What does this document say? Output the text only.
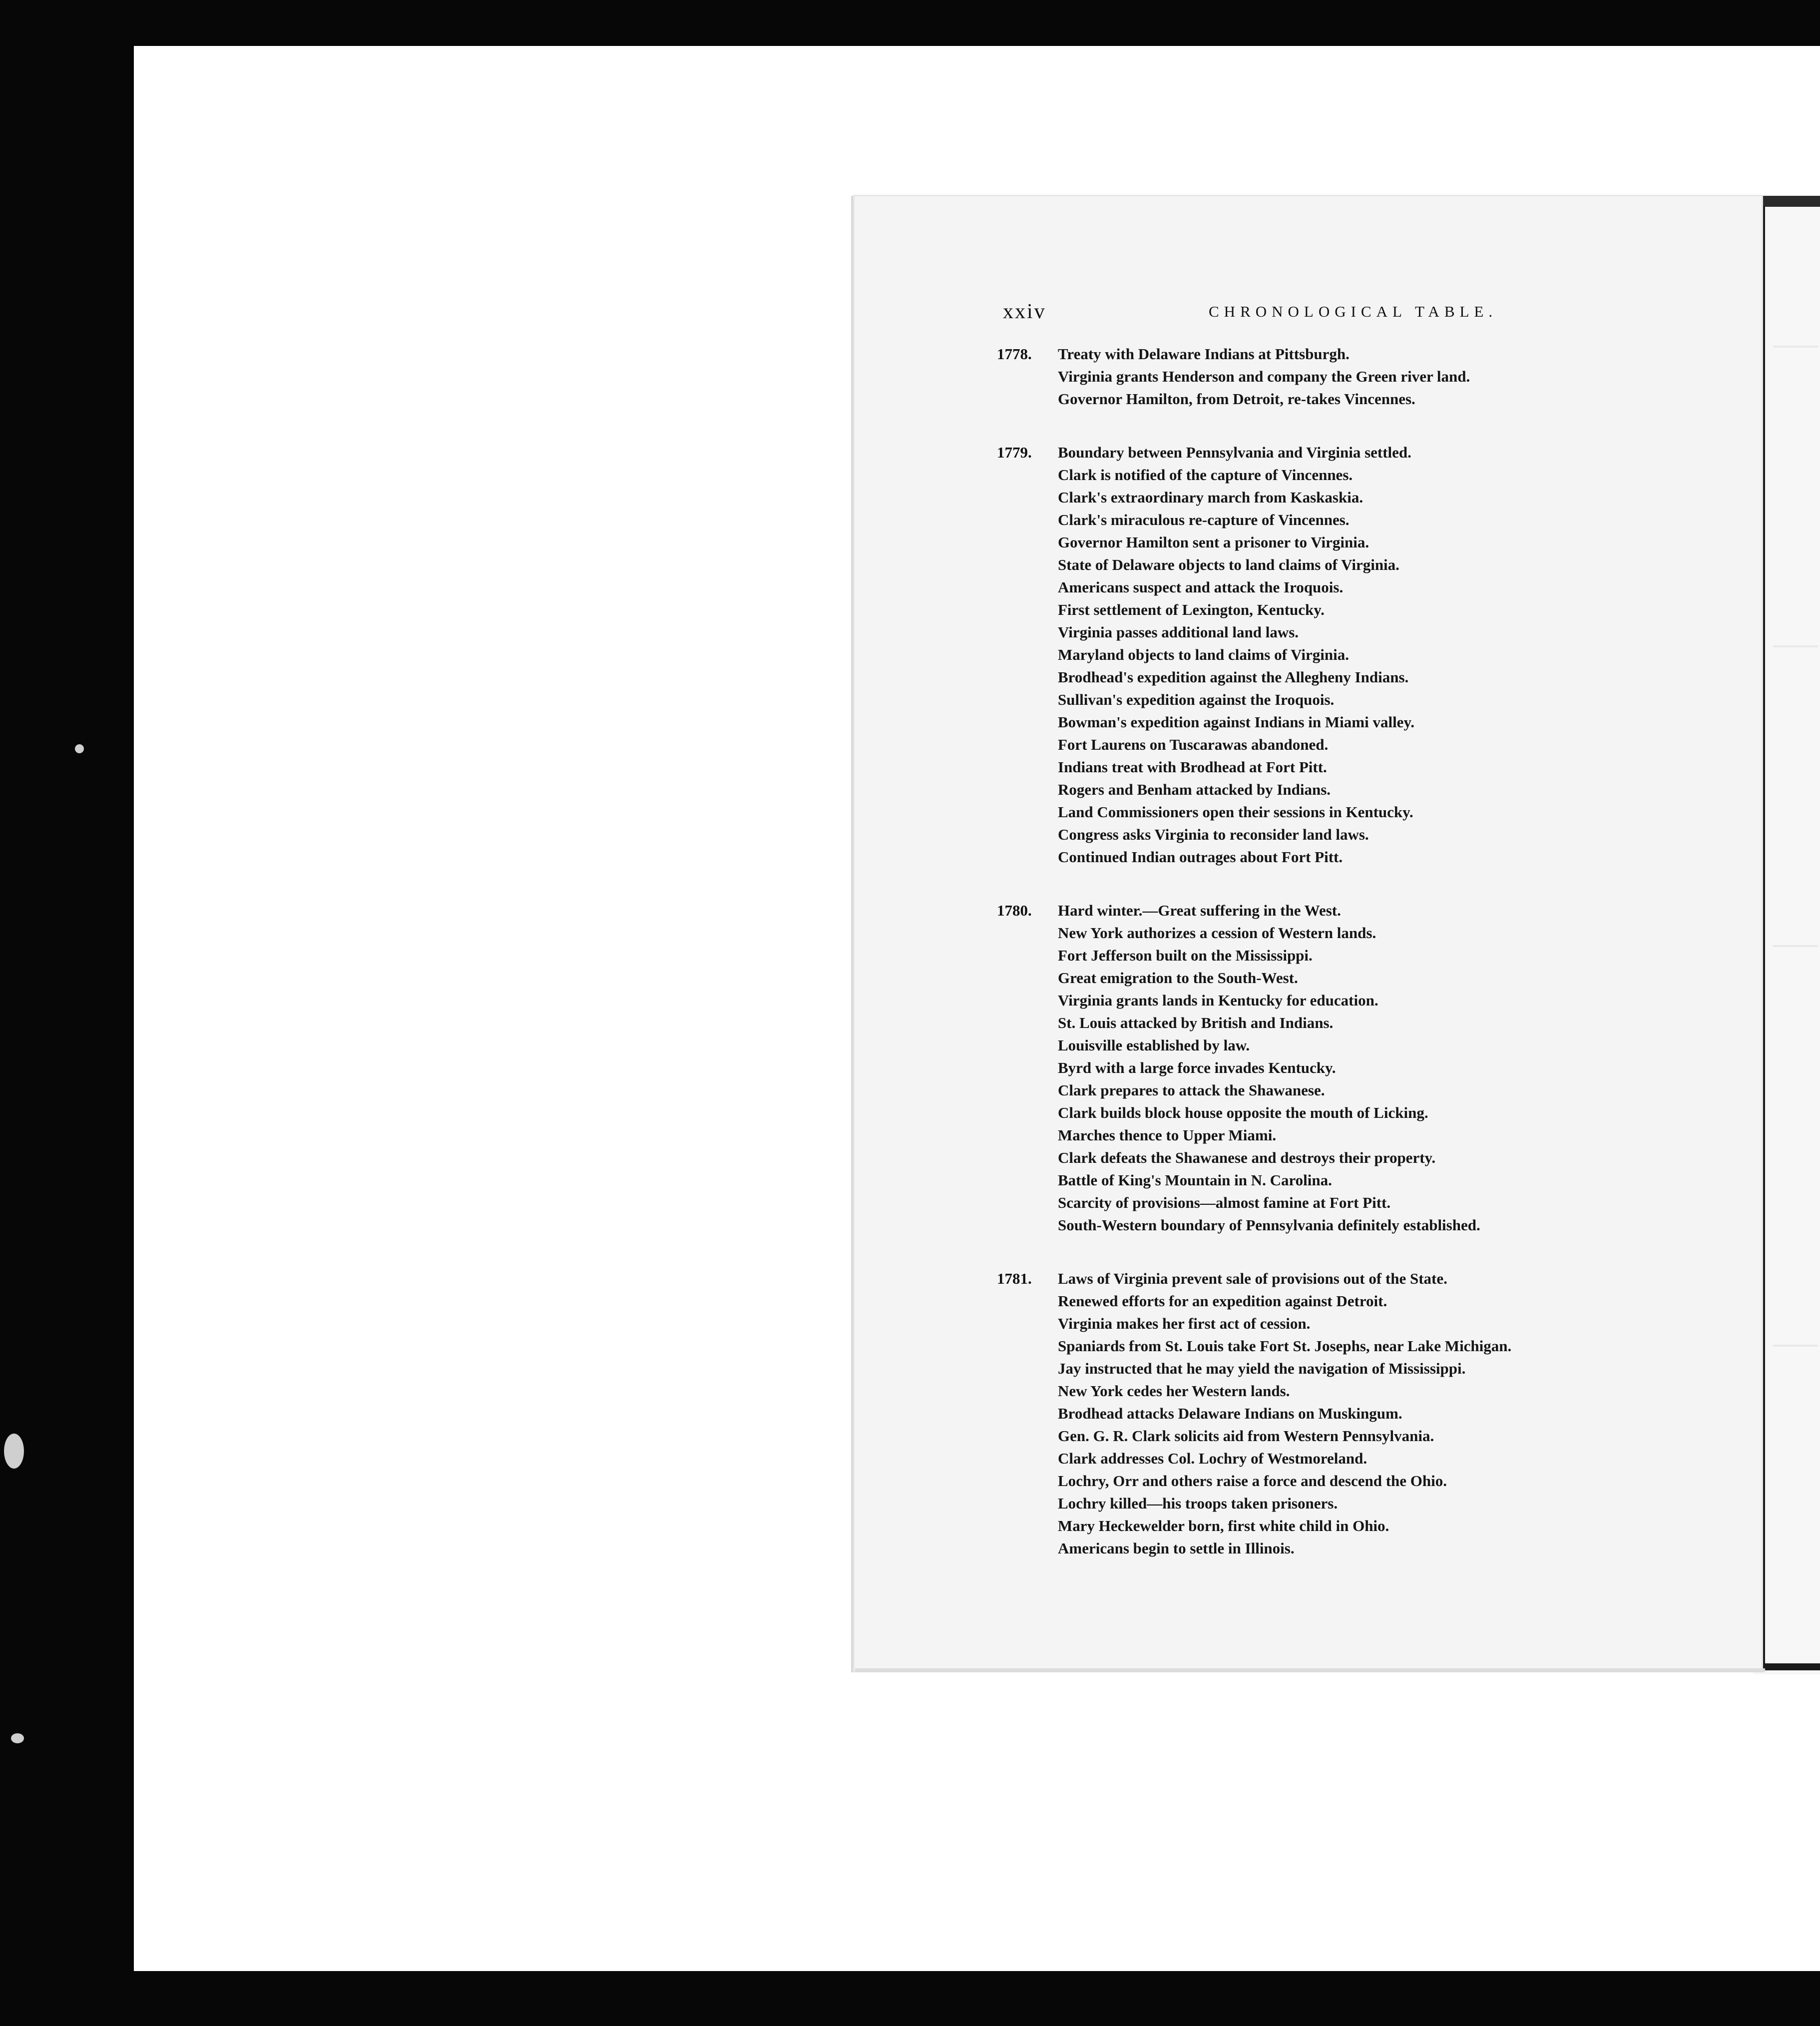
xxiv	CHRONOLOGICAL TABLE.
1778.	Treaty with Delaware Indians at Pittsburgh.
Virginia grants Henderson and company the Green river land.
Governor Hamilton, from Detroit, re-takes Vincennes.
1779.	Boundary between Pennsylvania and Virginia settled.
Clark is notified of the capture of Vincennes.
Clark's extraordinary march from Kaskaskia.
Clark's miraculous re-capture of Vincennes.
Governor Hamilton sent a prisoner to Virginia.
State of Delaware objects to land claims of Virginia.
Americans suspect and attack the Iroquois.
First settlement of Lexington, Kentucky.
Virginia passes additional land laws.
Maryland objects to land claims of Virginia.
Brodhead's expedition against the Allegheny Indians.
Sullivan's expedition against the Iroquois.
Bowman's expedition against Indians in Miami valley.
Fort Laurens on Tuscarawas abandoned.
Indians treat with Brodhead at Fort Pitt.
Rogers and Benham attacked by Indians.
Land Commissioners open their sessions in Kentucky.
Congress asks Virginia to reconsider land laws.
Continued Indian outrages about Fort Pitt.
1780.	Hard winter.—Great suffering in the West.
New York authorizes a cession of Western lands.
Fort Jefferson built on the Mississippi.
Great emigration to the South-West.
Virginia grants lands in Kentucky for education.
St. Louis attacked by British and Indians.
Louisville established by law.
Byrd with a large force invades Kentucky.
Clark prepares to attack the Shawanese.
Clark builds block house opposite the mouth of Licking.
Marches thence to Upper Miami.
Clark defeats the Shawanese and destroys their property.
Battle of King's Mountain in N. Carolina.
Scarcity of provisions—almost famine at Fort Pitt.
South-Western boundary of Pennsylvania definitely established.
1781.	Laws of Virginia prevent sale of provisions out of the State.
Renewed efforts for an expedition against Detroit.
Virginia makes her first act of cession.
Spaniards from St. Louis take Fort St. Josephs, near Lake Michigan.
Jay instructed that he may yield the navigation of Mississippi.
New York cedes her Western lands.
Brodhead attacks Delaware Indians on Muskingum.
Gen. G. R. Clark solicits aid from Western Pennsylvania.
Clark addresses Col. Lochry of Westmoreland.
Lochry, Orr and others raise a force and descend the Ohio.
Lochry killed—his troops taken prisoners.
Mary Heckewelder born, first white child in Ohio.
Americans begin to settle in Illinois.
